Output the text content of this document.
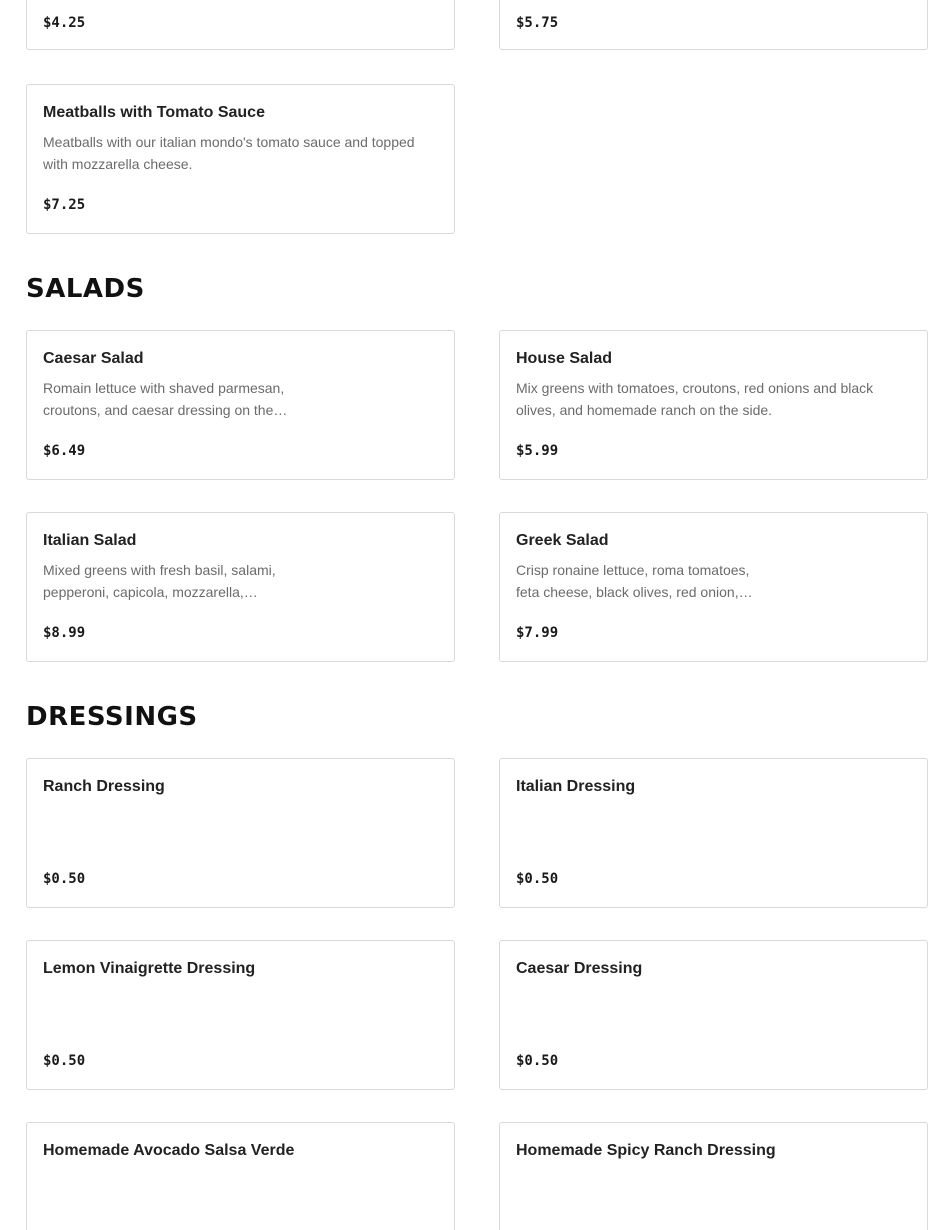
$4.25	$5.75
Meatballs with Tomato Sauce
Meatballs with our italian mondo's tomato sauce and topped with mozzarella cheese.
$7.25
SALADS
Caesar Salad
Romain lettuce with shaved parmesan, croutons, and caesar dressing on the…
$6.49
House Salad
Mix greens with tomatoes, croutons, red onions and black olives, and homemade ranch on the side.
$5.99
Italian Salad
Mixed greens with fresh basil, salami, pepperoni, capicola, mozzarella,…
$8.99
Greek Salad
Crisp ronaine lettuce, roma tomatoes, feta cheese, black olives, red onion,…
$7.99
DRESSINGS
Ranch Dressing
$0.50
Italian Dressing
$0.50
Lemon Vinaigrette Dressing
$0.50
Caesar Dressing
$0.50
Homemade Avocado Salsa Verde	Homemade Spicy Ranch Dressing
